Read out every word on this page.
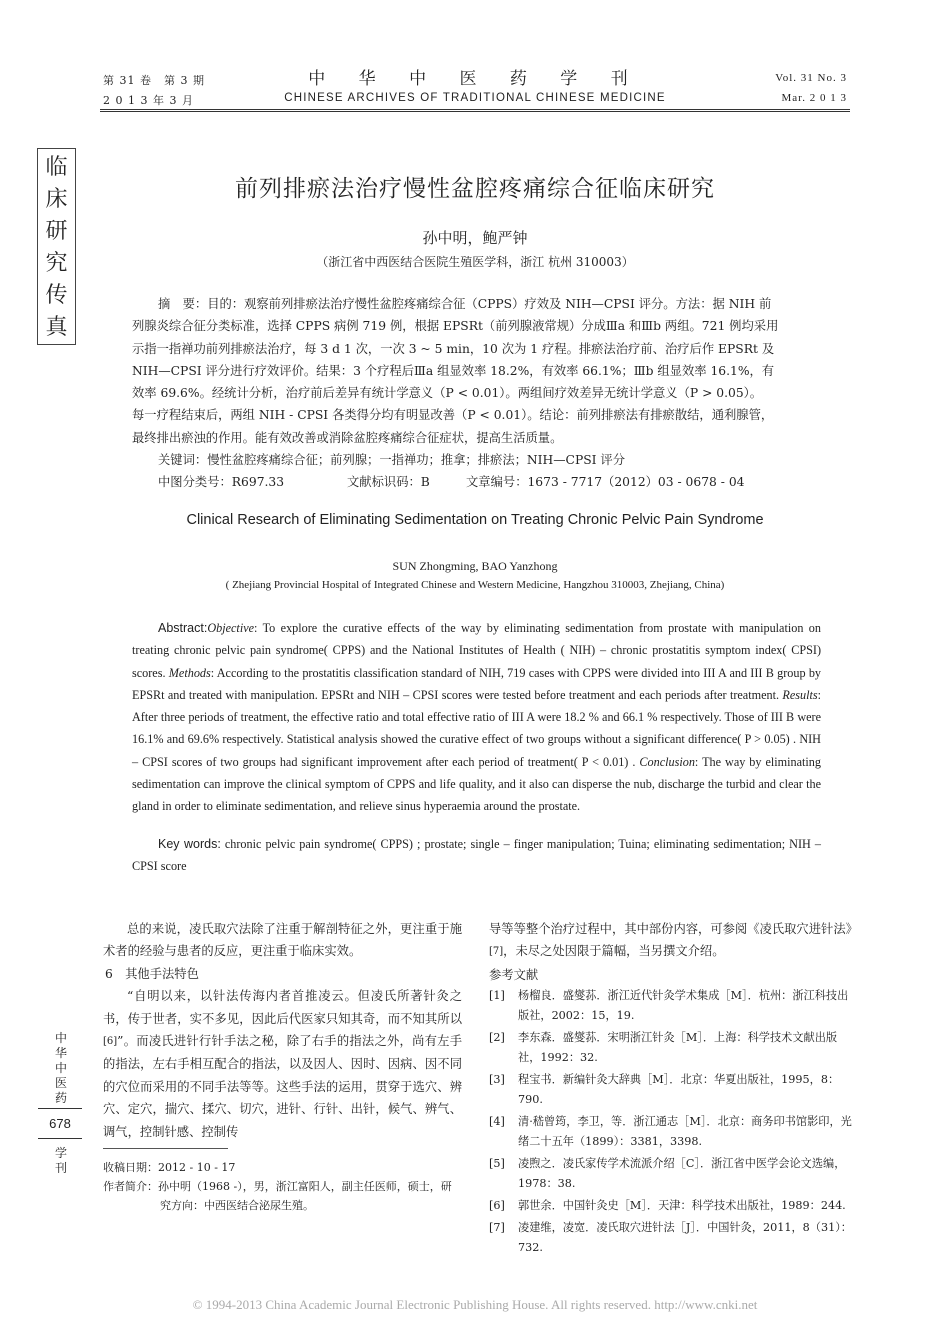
第 31 卷　第 3 期
2 0 1 3 年 3 月
中 华 中 医 药 学 刊
CHINESE ARCHIVES OF TRADITIONAL CHINESE MEDICINE
Vol. 31 No. 3
Mar. 2 0 1 3
临
床
研
究
传
真
前列排瘀法治疗慢性盆腔疼痛综合征临床研究
孙中明，鲍严钟
（浙江省中西医结合医院生殖医学科，浙江 杭州 310003）
摘　要：目的：观察前列排瘀法治疗慢性盆腔疼痛综合征（CPPS）疗效及 NIH—CPSI 评分。方法：据 NIH 前
列腺炎综合征分类标准，选择 CPPS 病例 719 例，根据 EPSRt（前列腺液常规）分成Ⅲa 和Ⅲb 两组。721 例均采用
示指一指禅功前列排瘀法治疗，每 3 d 1 次，一次 3 ~ 5 min，10 次为 1 疗程。排瘀法治疗前、治疗后作 EPSRt 及
NIH—CPSI 评分进行疗效评价。结果：3 个疗程后Ⅲa 组显效率 18.2%，有效率 66.1%；Ⅲb 组显效率 16.1%，有
效率 69.6%。经统计分析，治疗前后差异有统计学意义（P < 0.01）。两组间疗效差异无统计学意义（P > 0.05）。
每一疗程结束后，两组 NIH - CPSI 各类得分均有明显改善（P < 0.01）。结论：前列排瘀法有排瘀散结，通利腺管，
最终排出瘀浊的作用。能有效改善或消除盆腔疼痛综合征症状，提高生活质量。
关键词：慢性盆腔疼痛综合征；前列腺；一指禅功；推拿；排瘀法；NIH—CPSI 评分
中图分类号：R697.33	文献标识码：B	文章编号：1673 - 7717（2012）03 - 0678 - 04
Clinical Research of Eliminating Sedimentation on Treating Chronic Pelvic Pain Syndrome
SUN Zhongming, BAO Yanzhong
( Zhejiang Provincial Hospital of Integrated Chinese and Western Medicine, Hangzhou 310003, Zhejiang, China)
Abstract:Objective: To explore the curative effects of the way by eliminating sedimentation from prostate with manipulation on treating chronic pelvic pain syndrome( CPPS) and the National Institutes of Health ( NIH) – chronic prostatitis symptom index( CPSI) scores. Methods: According to the prostatitis classification standard of NIH, 719 cases with CPPS were divided into III A and III B group by EPSRt and treated with manipulation. EPSRt and NIH – CPSI scores were tested before treatment and each periods after treatment. Results: After three periods of treatment, the effective ratio and total effective ratio of III A were 18.2 % and 66.1 % respectively. Those of III B were 16.1% and 69.6% respectively. Statistical analysis showed the curative effect of two groups without a significant difference( P > 0.05) . NIH – CPSI scores of two groups had significant improvement after each period of treatment( P < 0.01) . Conclusion: The way by eliminating sedimentation can improve the clinical symptom of CPPS and life quality, and it also can disperse the nub, discharge the turbid and clear the gland in order to eliminate sedimentation, and relieve sinus hyperaemia around the prostate.
Key words: chronic pelvic pain syndrome( CPPS) ; prostate; single – finger manipulation; Tuina; eliminating sedimentation; NIH – CPSI score
总的来说，凌氏取穴法除了注重于解剖特征之外，更注重于施术者的经验与患者的反应，更注重于临床实效。
6　其他手法特色
“自明以来，以针法传海内者首推凌云。但凌氏所著针灸之书，传于世者，实不多见，因此后代医家只知其奇，而不知其所以[6]”。而凌氏进针行针手法之秘，除了右手的指法之外，尚有左手的指法，左右手相互配合的指法，以及因人、因时、因病、因不同的穴位而采用的不同手法等等。这些手法的运用，贯穿于选穴、辨穴、定穴，揣穴、揉穴、切穴，进针、行针、出针，候气、辨气、调气，控制针感、控制传
收稿日期：2012 - 10 - 17
作者简介：孙中明（1968 -），男，浙江富阳人，副主任医师，硕士，研究方向：中西医结合泌尿生殖。
导等等整个治疗过程中，其中部份内容，可参阅《凌氏取穴进针法》[7]，未尽之处因限于篇幅，当另撰文介绍。
参考文献
[1]	杨榴良．盛燮荪．浙江近代针灸学术集成［M］．杭州：浙江科技出版社，2002：15，19.
[2]	李东森．盛燮荪．宋明浙江针灸［M］．上海：科学技术文献出版社，1992：32.
[3]	程宝书．新编针灸大辞典［M］．北京：华夏出版社，1995，8：790.
[4]	清·嵇曾筠，李卫，等．浙江通志［M］．北京：商务印书馆影印，光绪二十五年（1899）：3381，3398.
[5]	凌煦之．凌氏家传学术流派介绍［C］．浙江省中医学会论文选编，1978：38.
[6]	郭世余．中国针灸史［M］．天津：科学技术出版社，1989：244.
[7]	凌建维，凌宽．凌氏取穴进针法［J］．中国针灸，2011，8（31）：732.
中
华
中
医
药
678
学
刊
© 1994-2013 China Academic Journal Electronic Publishing House. All rights reserved. http://www.cnki.net
